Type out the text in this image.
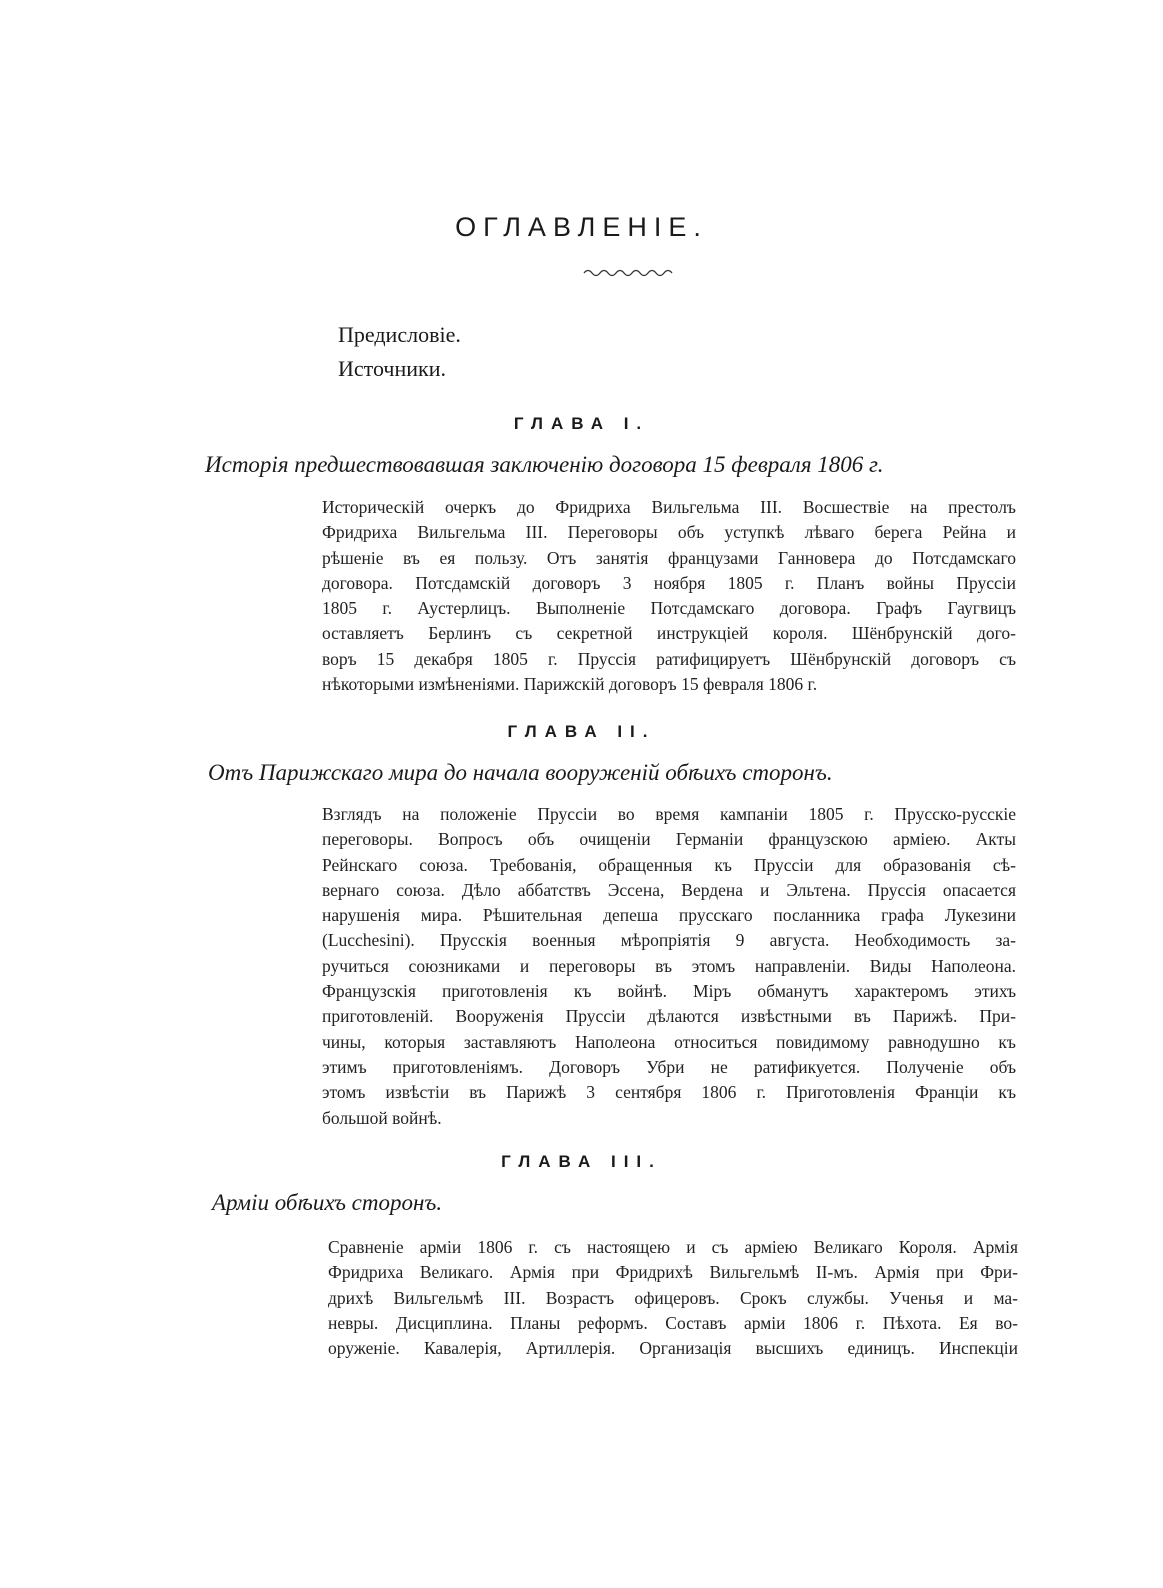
ОГЛАВЛЕНІЕ.
Предисловіе.
Источники.
ГЛАВА I.
Исторія предшествовавшая заключенію договора 15 февраля 1806 г.
Историческій очеркъ до Фридриха Вильгельма III. Восшествіе на престолъ
Фридриха Вильгельма III. Переговоры объ уступкѣ лѣваго берега Рейна и
рѣшеніе въ ея пользу. Отъ занятія французами Ганновера до Потсдамскаго
договора. Потсдамскій договоръ 3 ноября 1805 г. Планъ войны Пруссіи
1805 г. Аустерлицъ. Выполненіе Потсдамскаго договора. Графъ Гаугвицъ
оставляетъ Берлинъ съ секретной инструкціей короля. Шёнбрунскій дого-
воръ 15 декабря 1805 г. Пруссія ратифицируетъ Шёнбрунскій договоръ съ
нѣкоторыми измѣненіями. Парижскій договоръ 15 февраля 1806 г.
ГЛАВА II.
Отъ Парижскаго мира до начала вооруженій обѣихъ сторонъ.
Взглядъ на положеніе Пруссіи во время кампаніи 1805 г. Прусско-русскіе
переговоры. Вопросъ объ очищеніи Германіи французскою арміею. Акты
Рейнскаго союза. Требованія, обращенныя къ Пруссіи для образованія сѣ-
вернаго союза. Дѣло аббатствъ Эссена, Вердена и Эльтена. Пруссія опасается
нарушенія мира. Рѣшительная депеша прусскаго посланника графа Лукезини
(Lucchesini). Прусскія военныя мѣропріятія 9 августа. Необходимость за-
ручиться союзниками и переговоры въ этомъ направленіи. Виды Наполеона.
Французскія приготовленія къ войнѣ. Міръ обманутъ характеромъ этихъ
приготовленій. Вооруженія Пруссіи дѣлаются извѣстными въ Парижѣ. При-
чины, которыя заставляютъ Наполеона относиться повидимому равнодушно къ
этимъ приготовленіямъ. Договоръ Убри не ратификуется. Полученіе объ
этомъ извѣстіи въ Парижѣ 3 сентября 1806 г. Приготовленія Франціи къ
большой войнѣ.
ГЛАВА III.
Арміи обѣихъ сторонъ.
Сравненіе арміи 1806 г. съ настоящею и съ арміею Великаго Короля. Армія
Фридриха Великаго. Армія при Фридрихѣ Вильгельмѣ II-мъ. Армія при Фри-
дрихѣ Вильгельмѣ III. Возрастъ офицеровъ. Срокъ службы. Ученья и ма-
невры. Дисциплина. Планы реформъ. Составъ арміи 1806 г. Пѣхота. Ея во-
оруженіе. Кавалерія, Артиллерія. Организація высшихъ единицъ. Инспекціи
